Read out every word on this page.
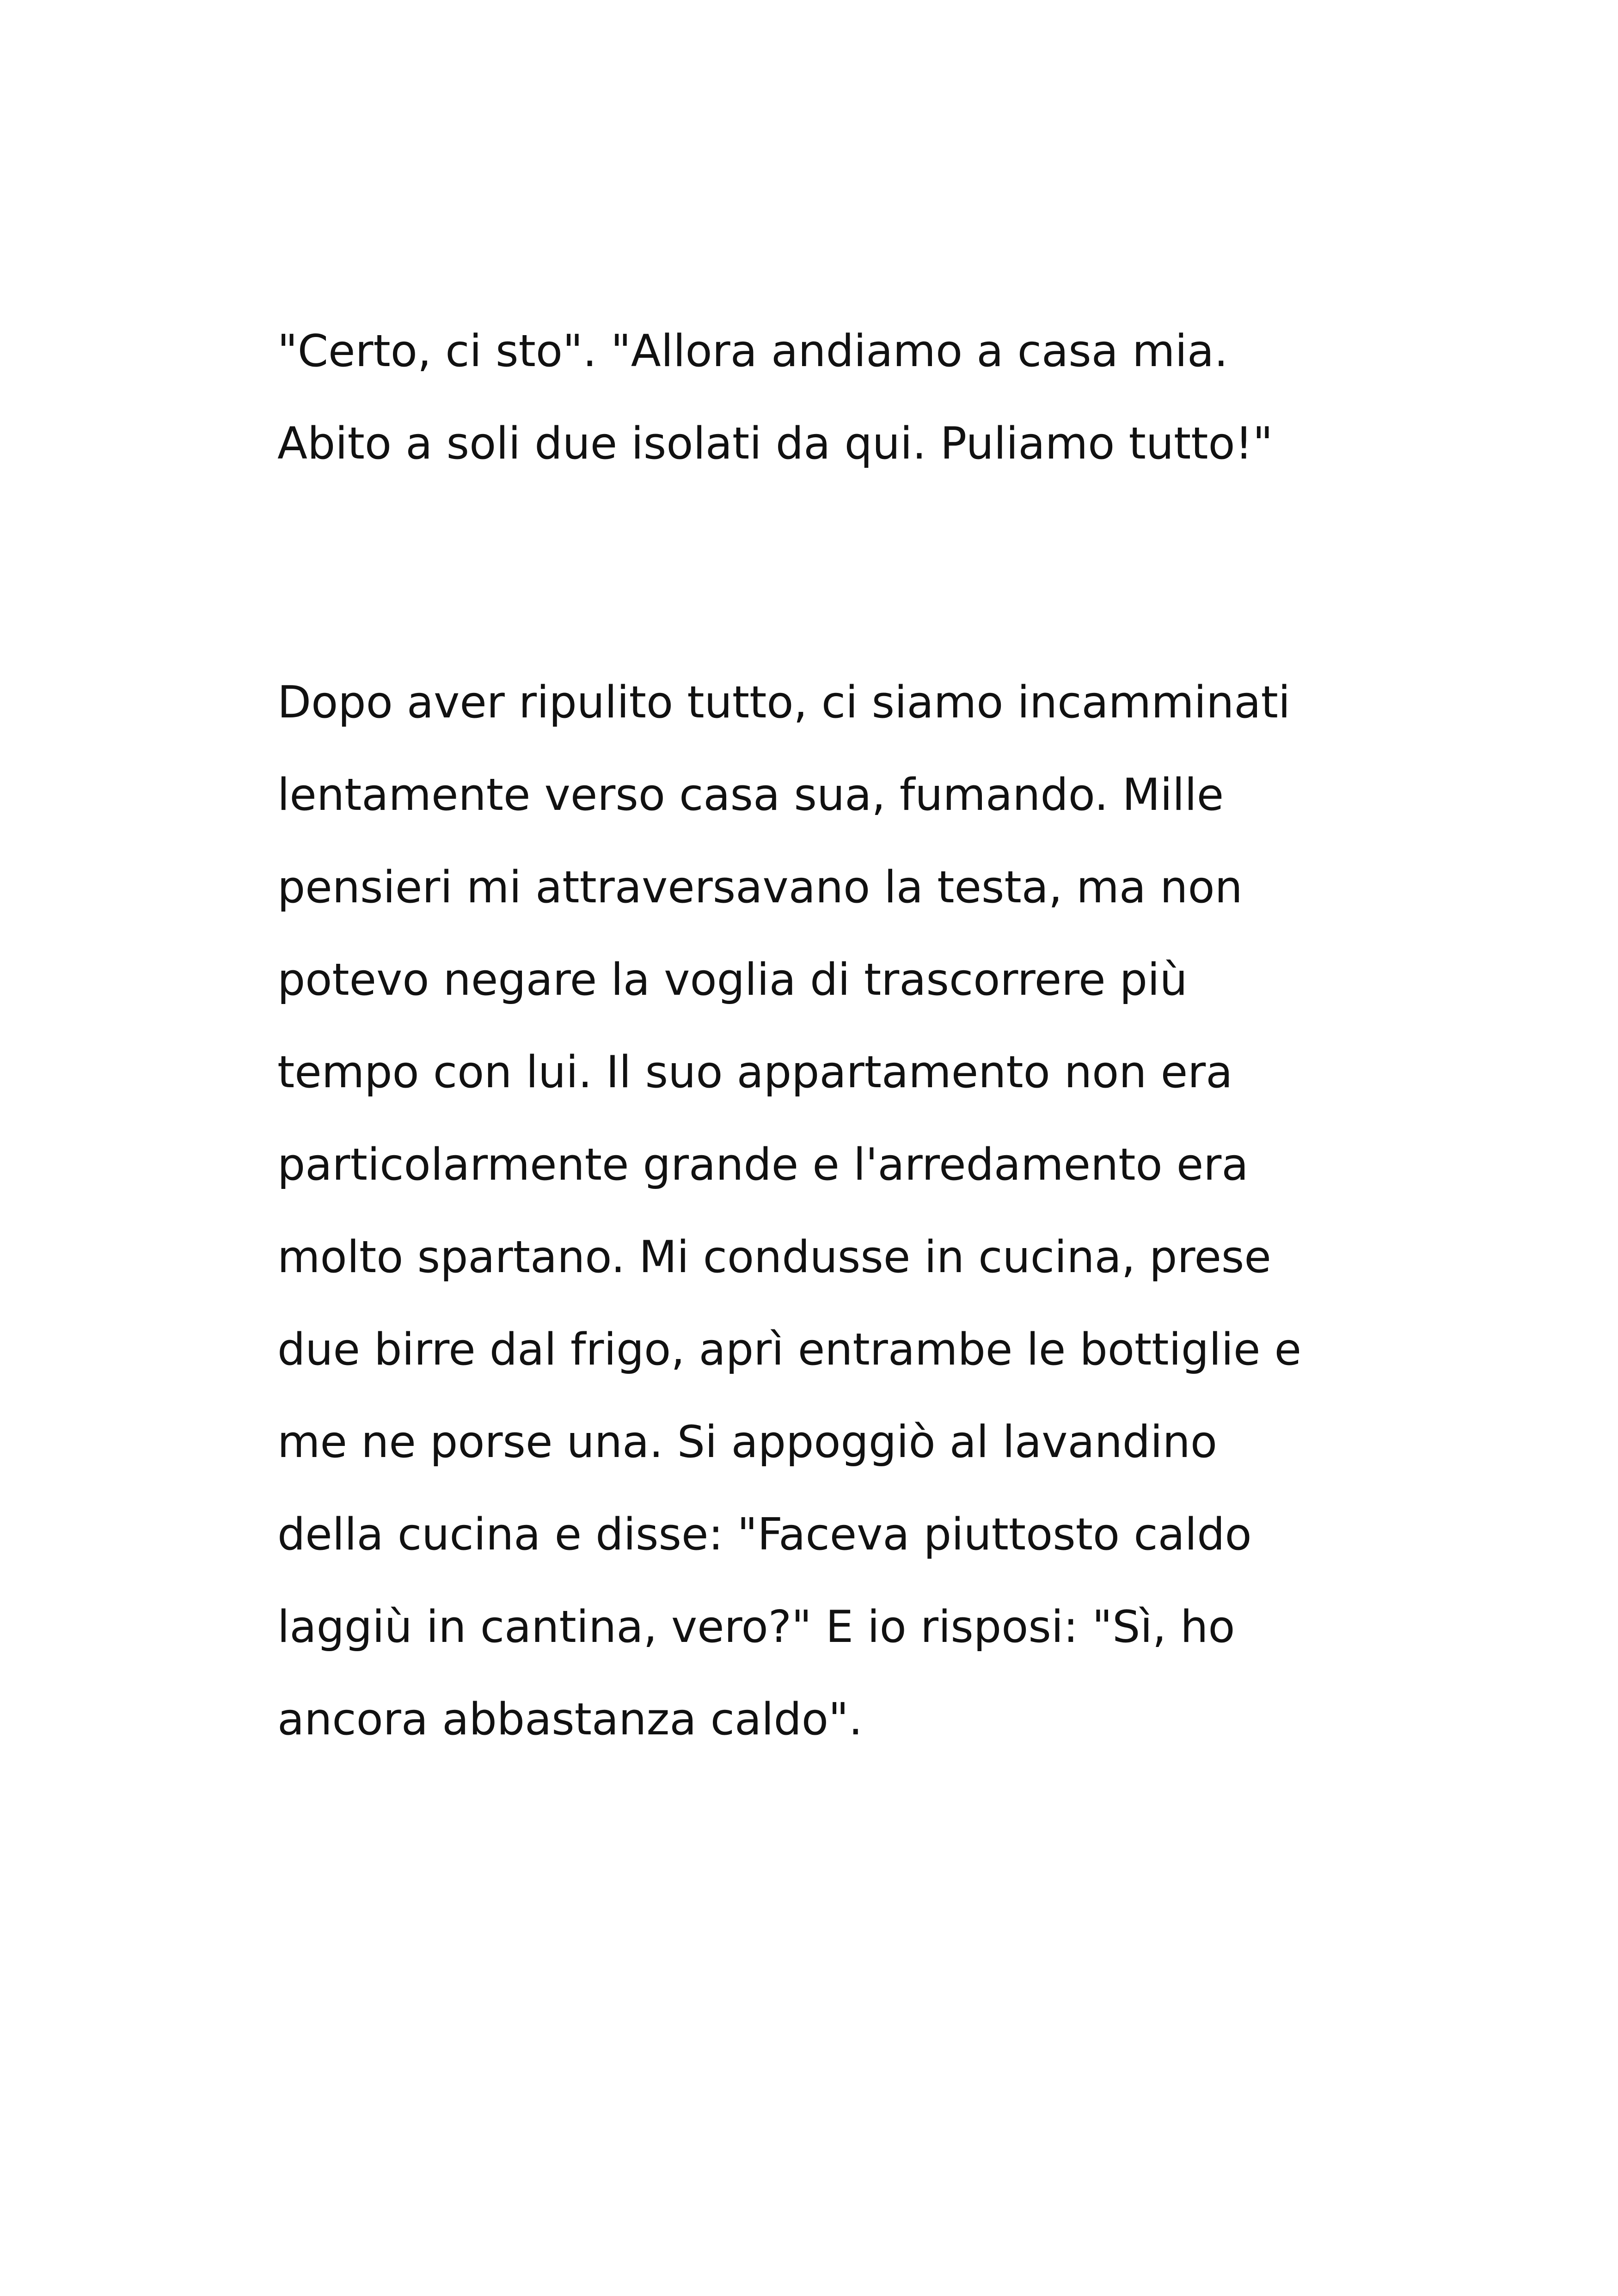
"Certo, ci sto". "Allora andiamo a casa mia.
Abito a soli due isolati da qui. Puliamo tutto!"
Dopo aver ripulito tutto, ci siamo incamminati
lentamente verso casa sua, fumando. Mille
pensieri mi attraversavano la testa, ma non
potevo negare la voglia di trascorrere più
tempo con lui. Il suo appartamento non era
particolarmente grande e l'arredamento era
molto spartano. Mi condusse in cucina, prese
due birre dal frigo, aprì entrambe le bottiglie e
me ne porse una. Si appoggiò al lavandino
della cucina e disse: "Faceva piuttosto caldo
laggiù in cantina, vero?" E io risposi: "Sì, ho
ancora abbastanza caldo".
